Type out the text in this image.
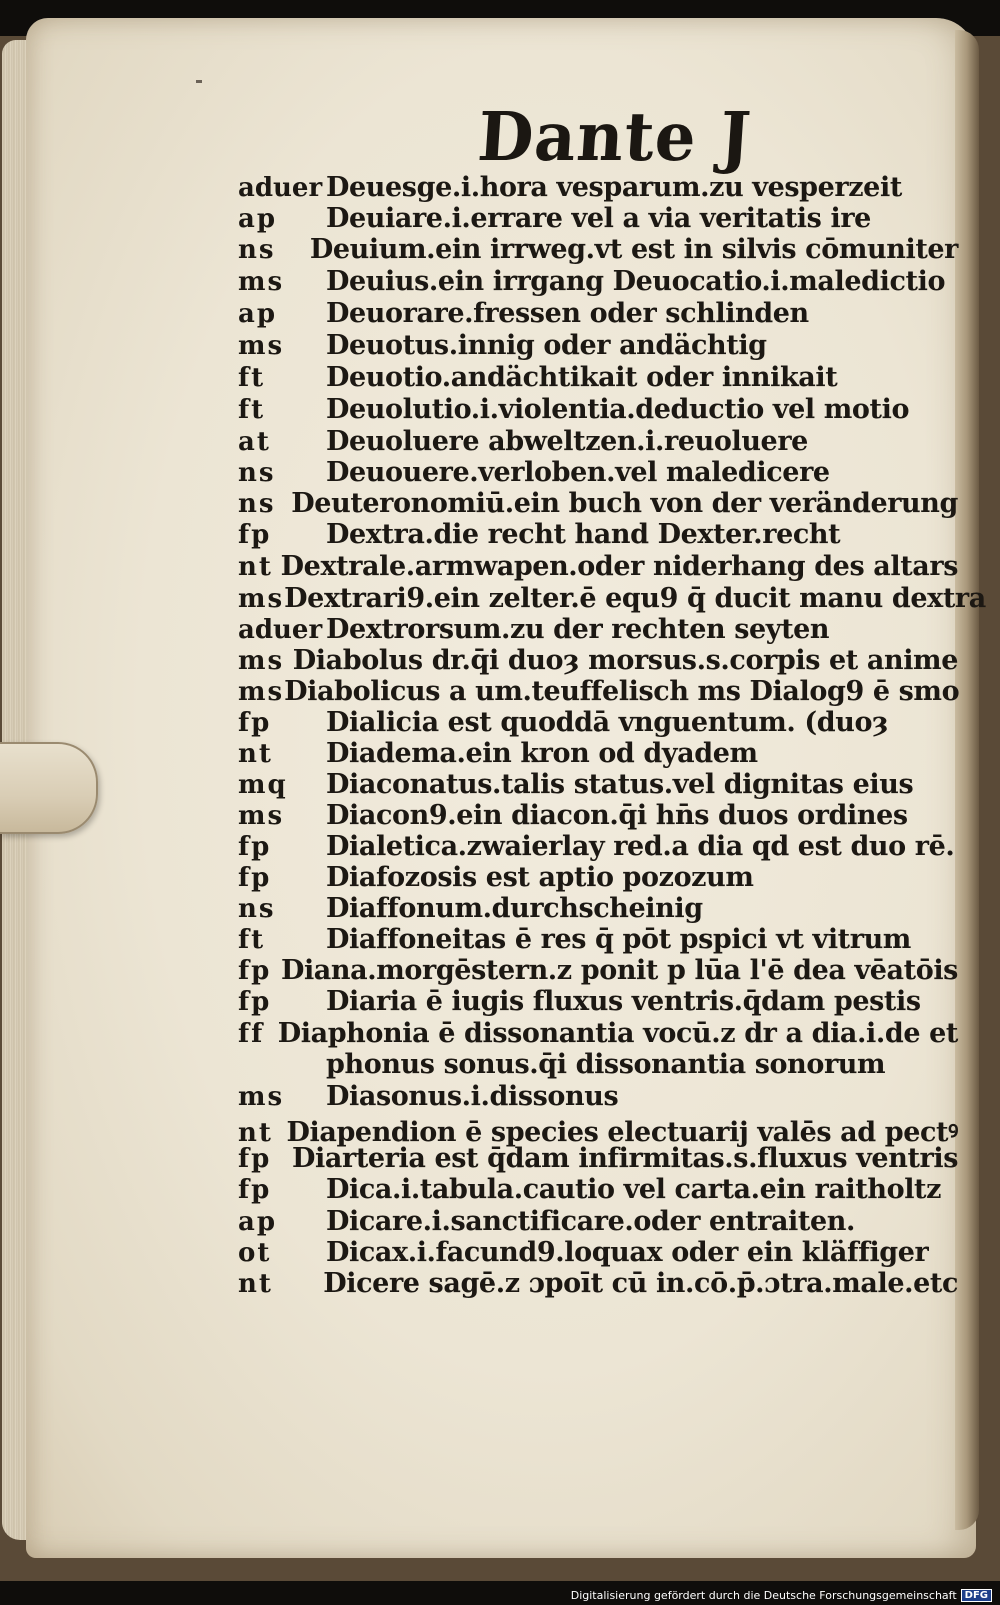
Dante J
aduer Deuesge.i.hora vesparum.zu vesperzeit
ap	Deuiare.i.errare vel a via veritatis ire
ns	Deuium.ein irrweg.vt est in silvis cōmuniter
ms	Deuius.ein irrgang Deuocatio.i.maledictio
ap	Deuorare.fressen oder schlinden
ms	Deuotus.innig oder andächtig
ft	Deuotio.andächtikait oder innikait
ft	Deuolutio.i.violentia.deductio vel motio
at	Deuoluere abweltzen.i.reuoluere
ns	Deuouere.verloben.vel maledicere
ns Deuteronomiū.ein buch von der veränderung
fp	Dextra.die recht hand Dexter.recht
nt Dextrale.armwapen.oder niderhang des altars
ms Dextrari9.ein zelter.ē equ9 q̄ ducit manu dextra
aduer Dextrorsum.zu der rechten seyten
ms Diabolus dr.q̄i duoȝ morsus.s.corpis et anime
ms Diabolicus a um.teuffelisch ms Dialog9 ē smo
fp	Dialicia est quoddā vnguentum. (duoȝ
nt	Diadema.ein kron od dyadem
mq	Diaconatus.talis status.vel dignitas eius
ms	Diacon9.ein diacon.q̄i hn̄s duos ordines
fp	Dialetica.zwaierlay red.a dia qd est duo rē.
fp	Diafozosis est aptio pozozum
ns	Diaffonum.durchscheinig
ft	Diaffoneitas ē res q̄ pōt pspici vt vitrum
fp Diana.morgēstern.z ponit p lūa l'ē dea vēatōis
fp	Diaria ē iugis fluxus ventris.q̄dam pestis
ff Diaphonia ē dissonantia vocū.z dr a dia.i.de et
phonus sonus.q̄i dissonantia sonorum
ms	Diasonus.i.dissonus
nt Diapendion ē species electuarij valēs ad pectꝰ
fp Diarteria est q̄dam infirmitas.s.fluxus ventris
fp	Dica.i.tabula.cautio vel carta.ein raitholtz
ap	Dicare.i.sanctificare.oder entraiten.
ot	Dicax.i.facund9.loquax oder ein kläffiger
nt	Dicere sagē.z ɔpoīt cū in.cō.p̄.ɔtra.male.etc
Digitalisierung gefördert durch die Deutsche Forschungsgemeinschaft DFG
